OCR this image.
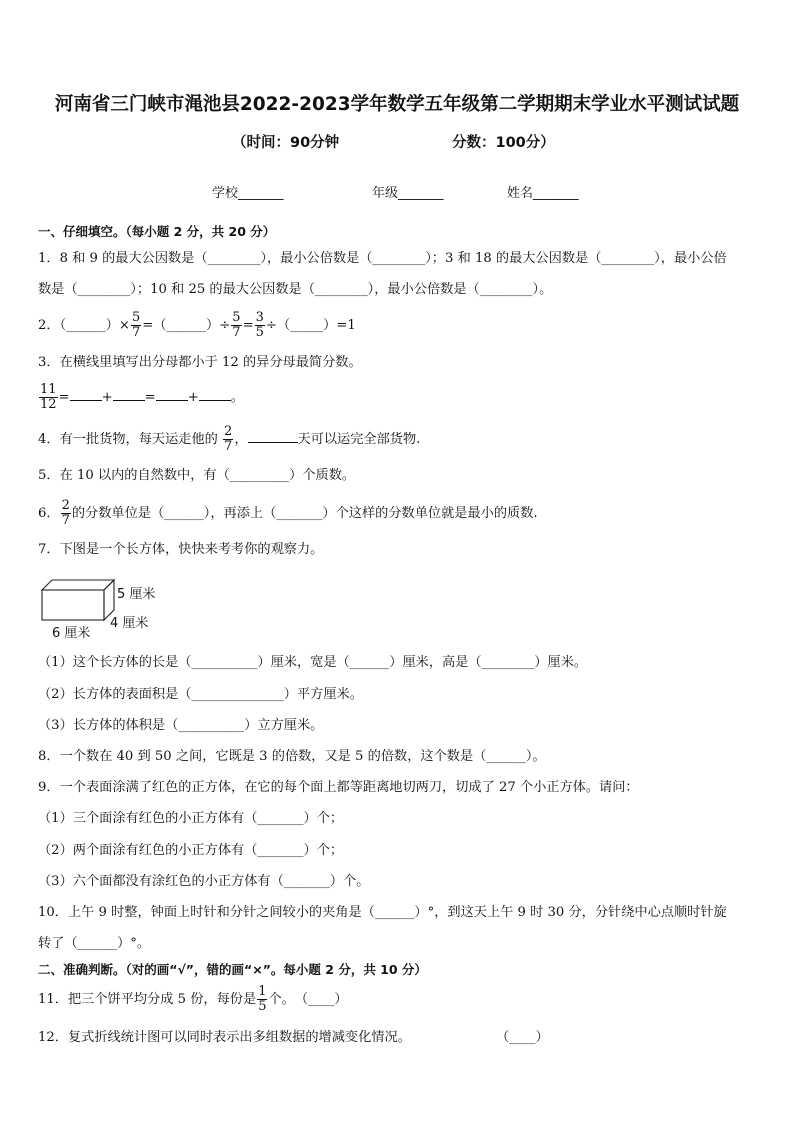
河南省三门峡市渑池县2022-2023学年数学五年级第二学期期末学业水平测试试题
（时间：90分钟	分数：100分）
学校_______	年级_______	姓名_______
一、仔细填空。（每小题 2 分，共 20 分）
1．8 和 9 的最大公因数是（________），最小公倍数是（________）；3 和 18 的最大公因数是（________），最小公倍
数是（________）；10 和 25 的最大公因数是（________），最小公倍数是（________）。
2．（______）× $\frac{5}{7}$ =（______）÷ $\frac{5}{7} = \frac{3}{5}$ ÷（_____）=1
3．在横线里填写出分母都小于 12 的异分母最简分数。
$\frac{11}{12}$ = + = + 。
4．有一批货物，每天运走他的 $\frac{2}{7}$ ，	天可以运完全部货物.
5．在 10 以内的自然数中，有（_________）个质数。
6． $\frac{2}{7}$ 的分数单位是（______），再添上（_______）个这样的分数单位就是最小的质数.
7．下图是一个长方体，快快来考考你的观察力。
5 厘米
4 厘米
6 厘米
（1）这个长方体的长是（__________）厘米，宽是（______）厘米，高是（________）厘米。
（2）长方体的表面积是（______________）平方厘米。
（3）长方体的体积是（__________）立方厘米。
8．一个数在 40 到 50 之间，它既是 3 的倍数，又是 5 的倍数，这个数是（______）。
9．一个表面涂满了红色的正方体，在它的每个面上都等距离地切两刀，切成了 27 个小正方体。请问：
（1）三个面涂有红色的小正方体有（_______）个；
（2）两个面涂有红色的小正方体有（_______）个；
（3）六个面都没有涂红色的小正方体有（_______）个。
10．上午 9 时整，钟面上时针和分针之间较小的夹角是（______）°，到这天上午 9 时 30 分，分针绕中心点顺时针旋
转了（______）°。
二、准确判断。（对的画“√”，错的画“×”。每小题 2 分，共 10 分）
11．把三个饼平均分成 5 份，每份是 $\frac{1}{5}$ 个。　（____）
12．复式折线统计图可以同时表示出多组数据的增减变化情况。	（____）
